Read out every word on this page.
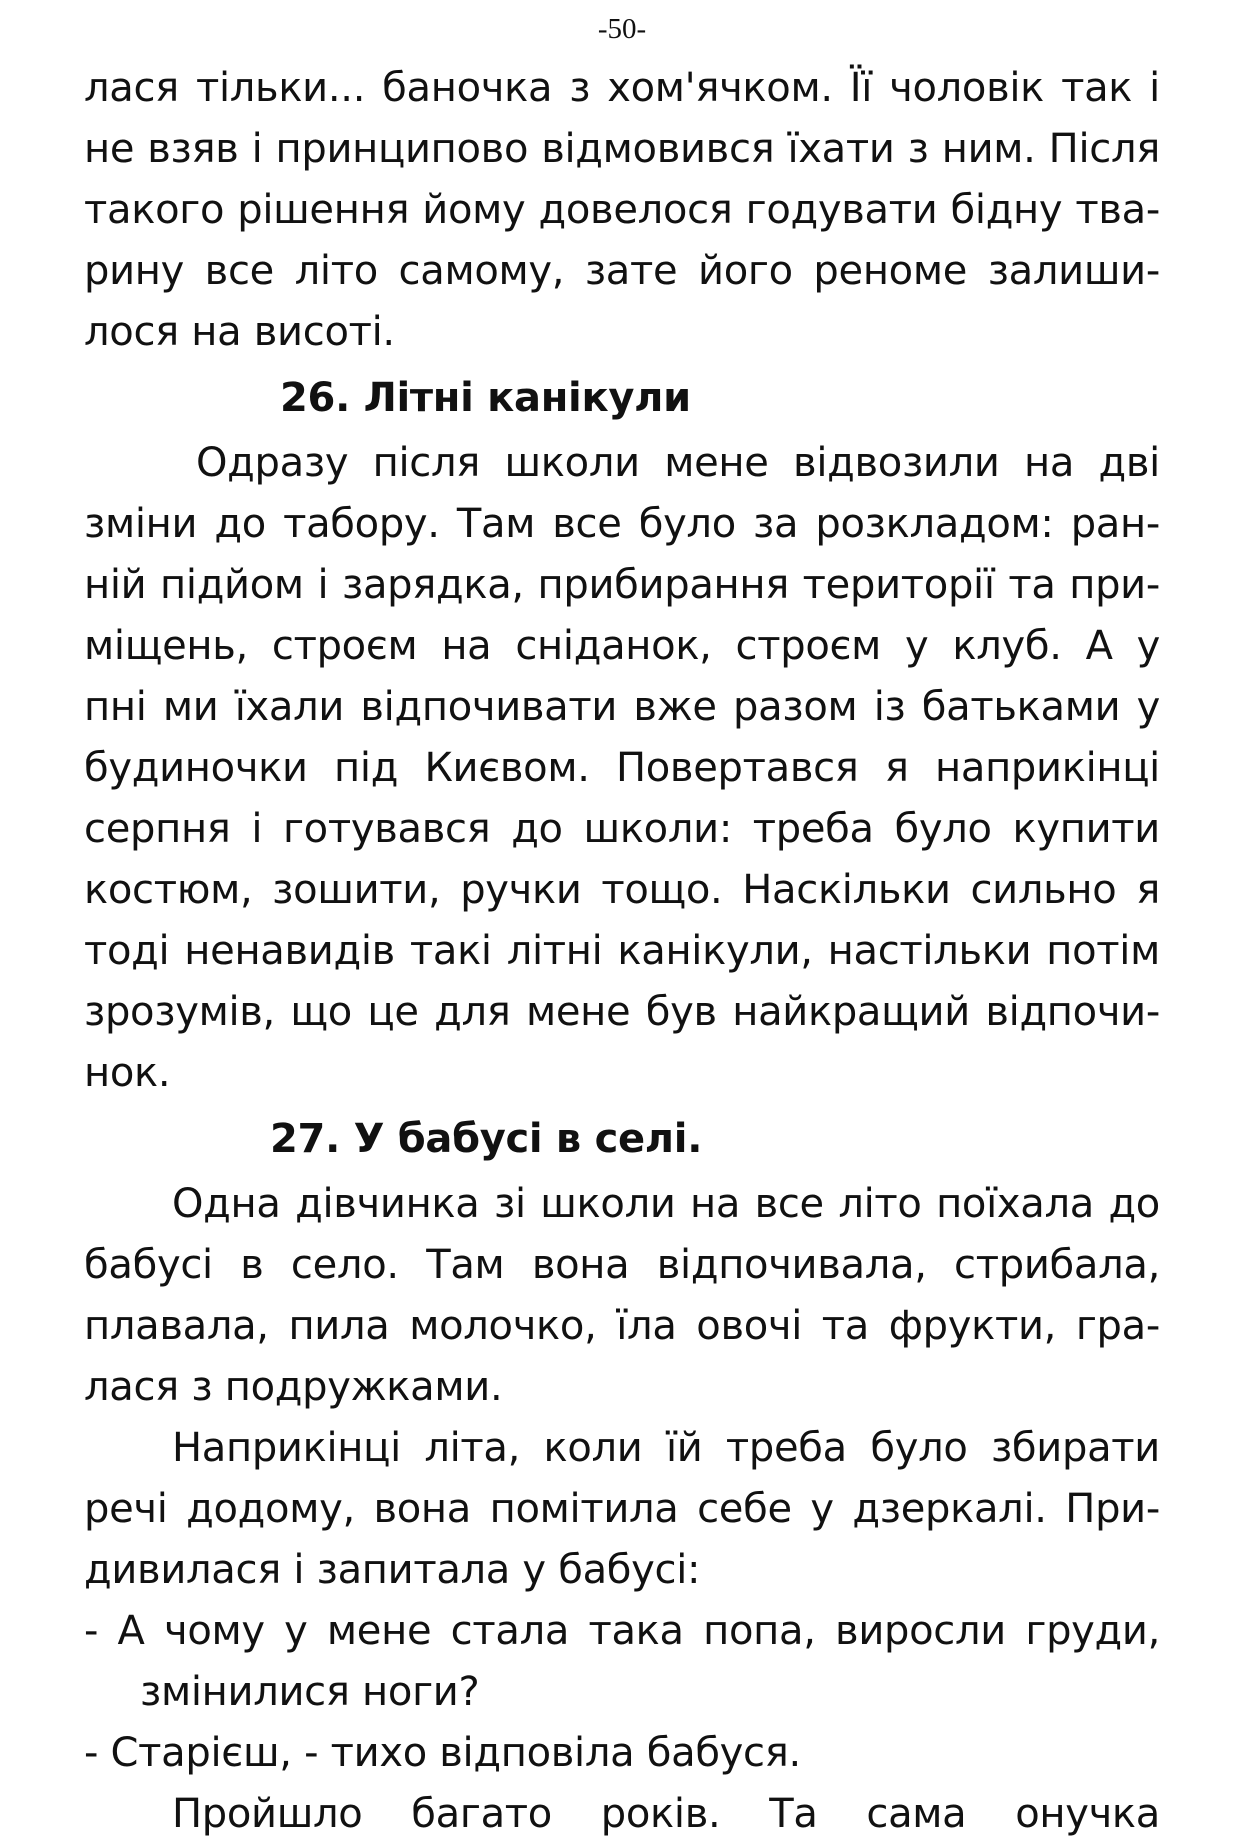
-50-
лася тільки... баночка з хом'ячком. Її чоловік так і
не взяв і принципово відмовився їхати з ним. Після
такого рішення йому довелося годувати бідну тва-
рину все літо самому, зате його реноме залиши-
лося на висоті.
26. Літні канікули
Одразу після школи мене відвозили на дві
зміни до табору. Там все було за розкладом: ран-
ній підйом і зарядка, прибирання території та при-
міщень, строєм на сніданок, строєм у клуб. А у
пні ми їхали відпочивати вже разом із батьками у
будиночки під Києвом. Повертався я наприкінці
серпня і готувався до школи: треба було купити
костюм, зошити, ручки тощо. Наскільки сильно я
тоді ненавидів такі літні канікули, настільки потім
зрозумів, що це для мене був найкращий відпочи-
нок.
27. У бабусі в селі.
Одна дівчинка зі школи на все літо поїхала до
бабусі в село. Там вона відпочивала, стрибала,
плавала, пила молочко, їла овочі та фрукти, гра-
лася з подружками.
Наприкінці літа, коли їй треба було збирати
речі додому, вона помітила себе у дзеркалі. При-
дивилася і запитала у бабусі:
- А чому у мене стала така попа, виросли груди,
змінилися ноги?
- Старієш, - тихо відповіла бабуся.
Пройшло багато років. Та сама онучка
